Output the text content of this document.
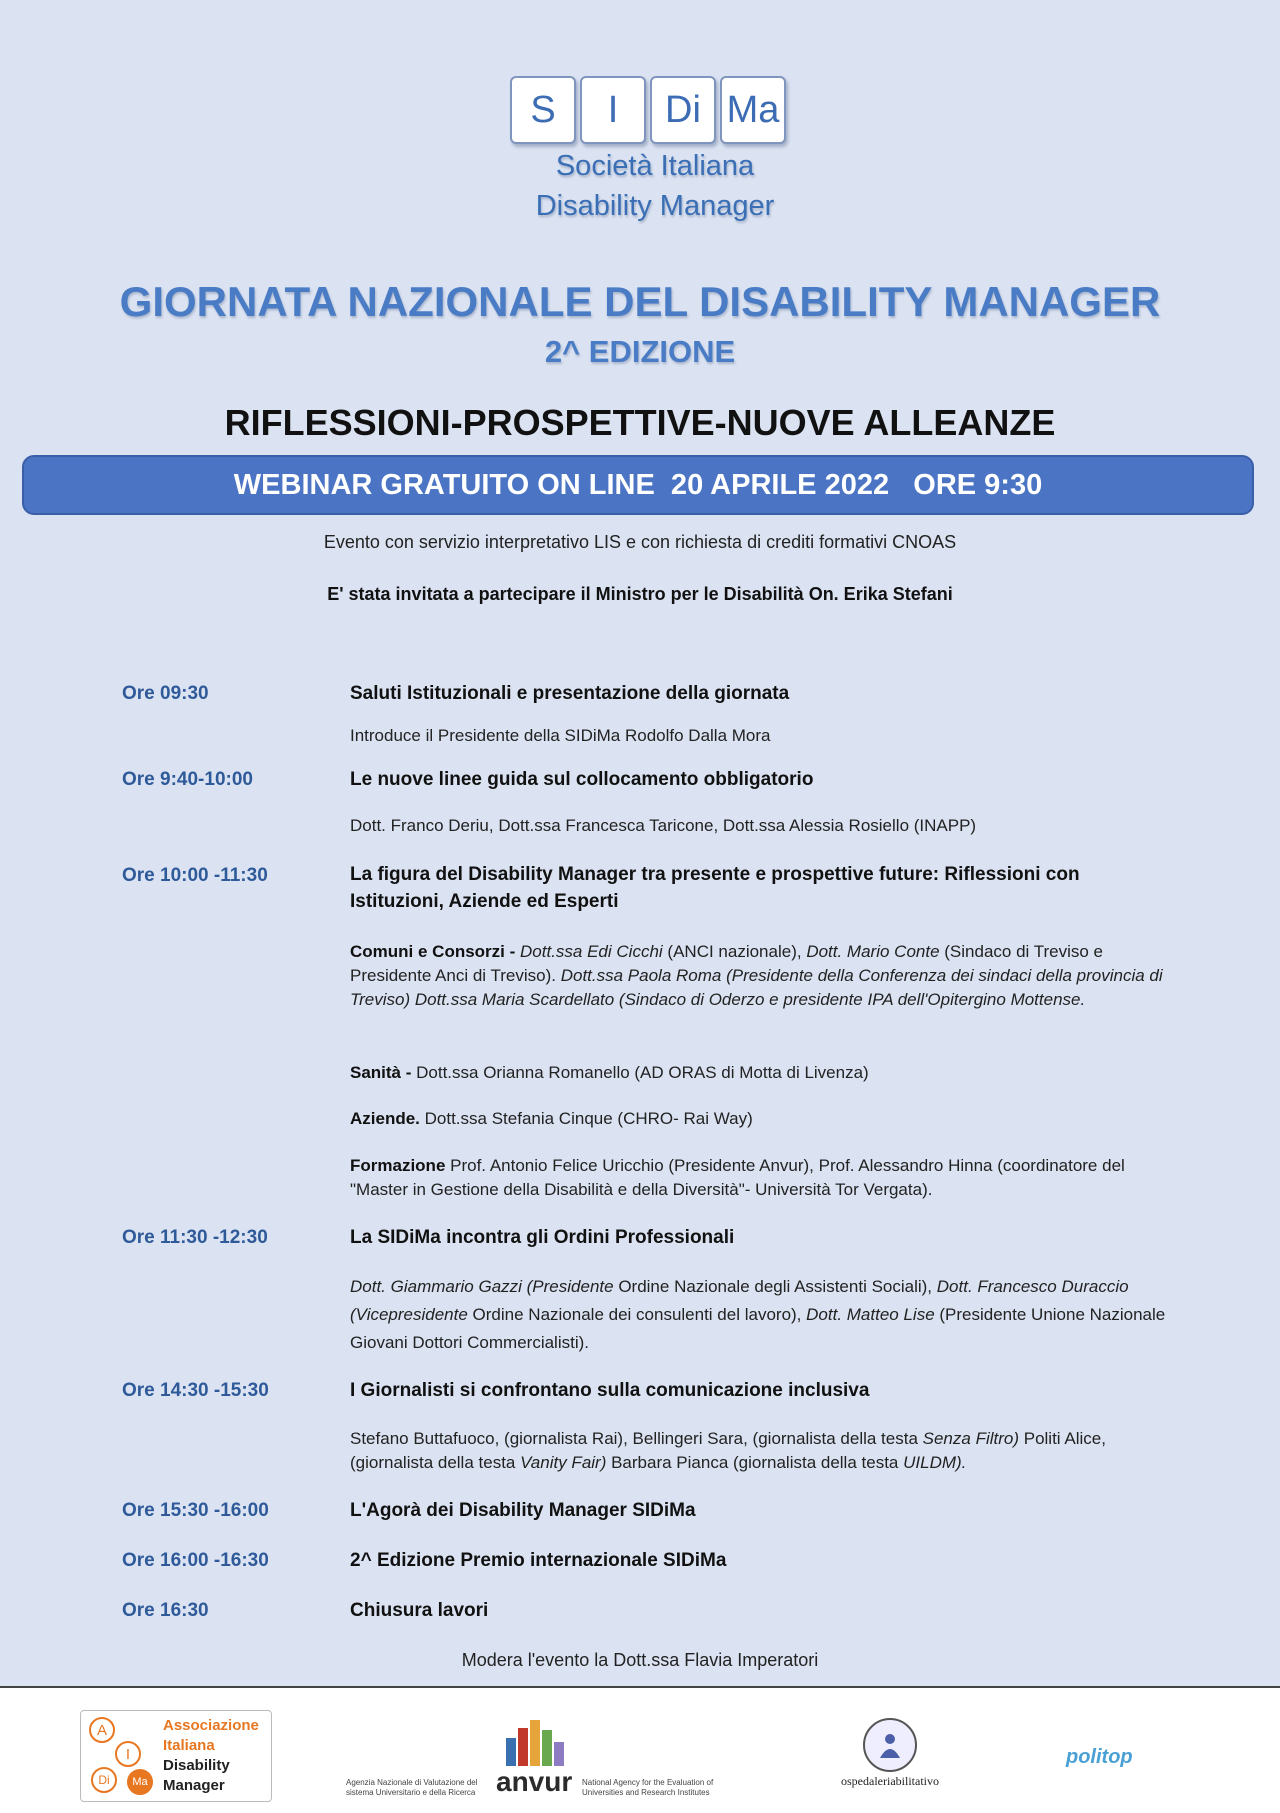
S	I	Di Ma
Società Italiana
Disability Manager
GIORNATA NAZIONALE DEL DISABILITY MANAGER
2^ EDIZIONE
RIFLESSIONI-PROSPETTIVE-NUOVE ALLEANZE
WEBINAR GRATUITO ON LINE  20 APRILE 2022   ORE 9:30
Evento con servizio interpretativo LIS e con richiesta di crediti formativi CNOAS
E' stata invitata a partecipare il Ministro per le Disabilità On. Erika Stefani
Ore 09:30	Saluti Istituzionali e presentazione della giornata
Introduce il Presidente della SIDiMa Rodolfo Dalla Mora
Ore 9:40-10:00	Le nuove linee guida sul collocamento obbligatorio
Dott. Franco Deriu, Dott.ssa Francesca Taricone, Dott.ssa Alessia Rosiello (INAPP)
Ore 10:00 -11:30	La figura del Disability Manager tra presente e prospettive future: Riflessioni con Istituzioni, Aziende ed Esperti
Comuni e Consorzi - Dott.ssa Edi Cicchi (ANCI nazionale), Dott. Mario Conte (Sindaco di Treviso e Presidente Anci di Treviso). Dott.ssa Paola Roma (Presidente della Conferenza dei sindaci della provincia di Treviso) Dott.ssa Maria Scardellato (Sindaco di Oderzo e presidente IPA dell'Opitergino Mottense.
Sanità - Dott.ssa Orianna Romanello (AD ORAS di Motta di Livenza)
Aziende. Dott.ssa Stefania Cinque (CHRO- Rai Way)
Formazione Prof. Antonio Felice Uricchio (Presidente Anvur), Prof. Alessandro Hinna (coordinatore del "Master in Gestione della Disabilità e della Diversità"- Università Tor Vergata).
Ore 11:30 -12:30	La SIDiMa incontra gli Ordini Professionali
Dott. Giammario Gazzi (Presidente Ordine Nazionale degli Assistenti Sociali), Dott. Francesco Duraccio (Vicepresidente Ordine Nazionale dei consulenti del lavoro), Dott. Matteo Lise (Presidente Unione Nazionale Giovani Dottori Commercialisti).
Ore 14:30 -15:30	I Giornalisti si confrontano sulla comunicazione inclusiva
Stefano Buttafuoco, (giornalista Rai), Bellingeri Sara, (giornalista della testa Senza Filtro) Politi Alice, (giornalista della testa Vanity Fair) Barbara Pianca (giornalista della testa UILDM).
Ore 15:30 -16:00	L'Agorà dei Disability Manager SIDiMa
Ore 16:00 -16:30	2^ Edizione Premio internazionale SIDiMa
Ore 16:30	Chiusura lavori
Modera l'evento la Dott.ssa Flavia Imperatori
A
I
Di	Ma
Associazione
Italiana
Disability
Manager	Agenzia Nazionale di Valutazione del sistema Universitario e della Ricerca anvur National Agency for the Evaluation of Universities and Research Institutes
ospedaleriabilitativo
politop
